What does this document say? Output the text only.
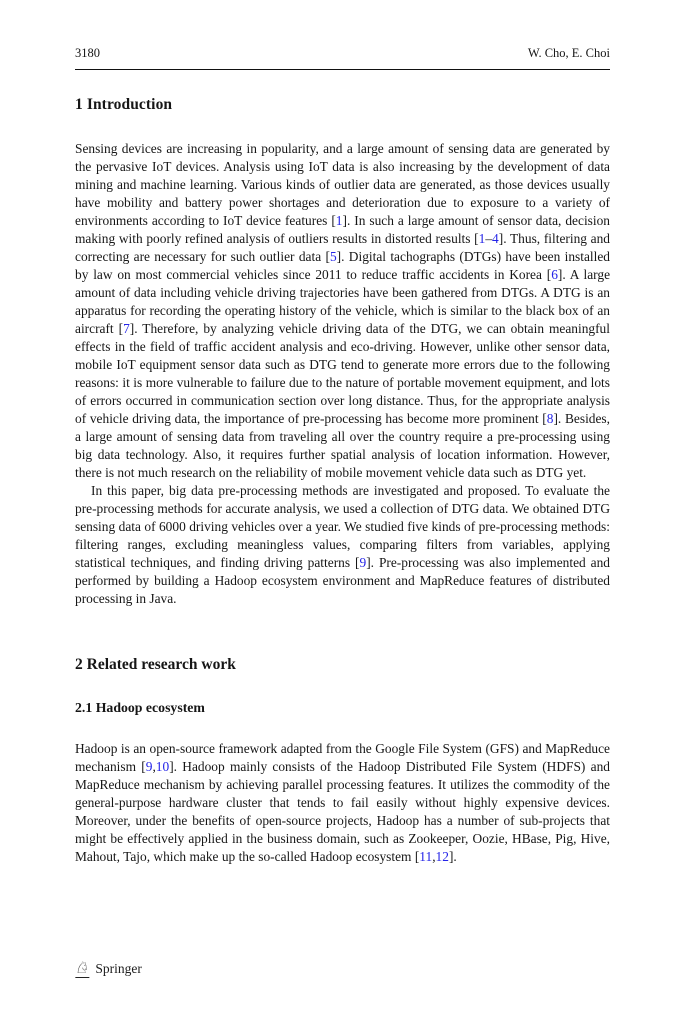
3180	W. Cho, E. Choi
1 Introduction

Sensing devices are increasing in popularity, and a large amount of sensing data are generated by the pervasive IoT devices. Analysis using IoT data is also increasing by the development of data mining and machine learning. Various kinds of outlier data are generated, as those devices usually have mobility and battery power shortages and deterioration due to exposure to a variety of environments according to IoT device features [1]. In such a large amount of sensor data, decision making with poorly refined analysis of outliers results in distorted results [1–4]. Thus, filtering and correcting are necessary for such outlier data [5]. Digital tachographs (DTGs) have been installed by law on most commercial vehicles since 2011 to reduce traffic accidents in Korea [6]. A large amount of data including vehicle driving trajectories have been gathered from DTGs. A DTG is an apparatus for recording the operating history of the vehicle, which is similar to the black box of an aircraft [7]. Therefore, by analyzing vehicle driving data of the DTG, we can obtain meaningful effects in the field of traffic accident analysis and eco-driving. However, unlike other sensor data, mobile IoT equipment sensor data such as DTG tend to generate more errors due to the following reasons: it is more vulnerable to failure due to the nature of portable movement equipment, and lots of errors occurred in communication section over long distance. Thus, for the appropriate analysis of vehicle driving data, the importance of pre-processing has become more prominent [8]. Besides, a large amount of sensing data from traveling all over the country require a pre-processing using big data technology. Also, it requires further spatial analysis of location information. However, there is not much research on the reliability of mobile movement vehicle data such as DTG yet.

In this paper, big data pre-processing methods are investigated and proposed. To evaluate the pre-processing methods for accurate analysis, we used a collection of DTG data. We obtained DTG sensing data of 6000 driving vehicles over a year. We studied five kinds of pre-processing methods: filtering ranges, excluding meaningless values, comparing filters from variables, applying statistical techniques, and finding driving patterns [9]. Pre-processing was also implemented and performed by building a Hadoop ecosystem environment and MapReduce features of distributed processing in Java.

2 Related research work
2.1 Hadoop ecosystem

Hadoop is an open-source framework adapted from the Google File System (GFS) and MapReduce mechanism [9,10]. Hadoop mainly consists of the Hadoop Distributed File System (HDFS) and MapReduce mechanism by achieving parallel processing features. It utilizes the commodity of the general-purpose hardware cluster that tends to fail easily without highly expensive devices. Moreover, under the benefits of open-source projects, Hadoop has a number of sub-projects that might be effectively applied in the business domain, such as Zookeeper, Oozie, HBase, Pig, Hive, Mahout, Tajo, which make up the so-called Hadoop ecosystem [11,12].

♘ Springer
